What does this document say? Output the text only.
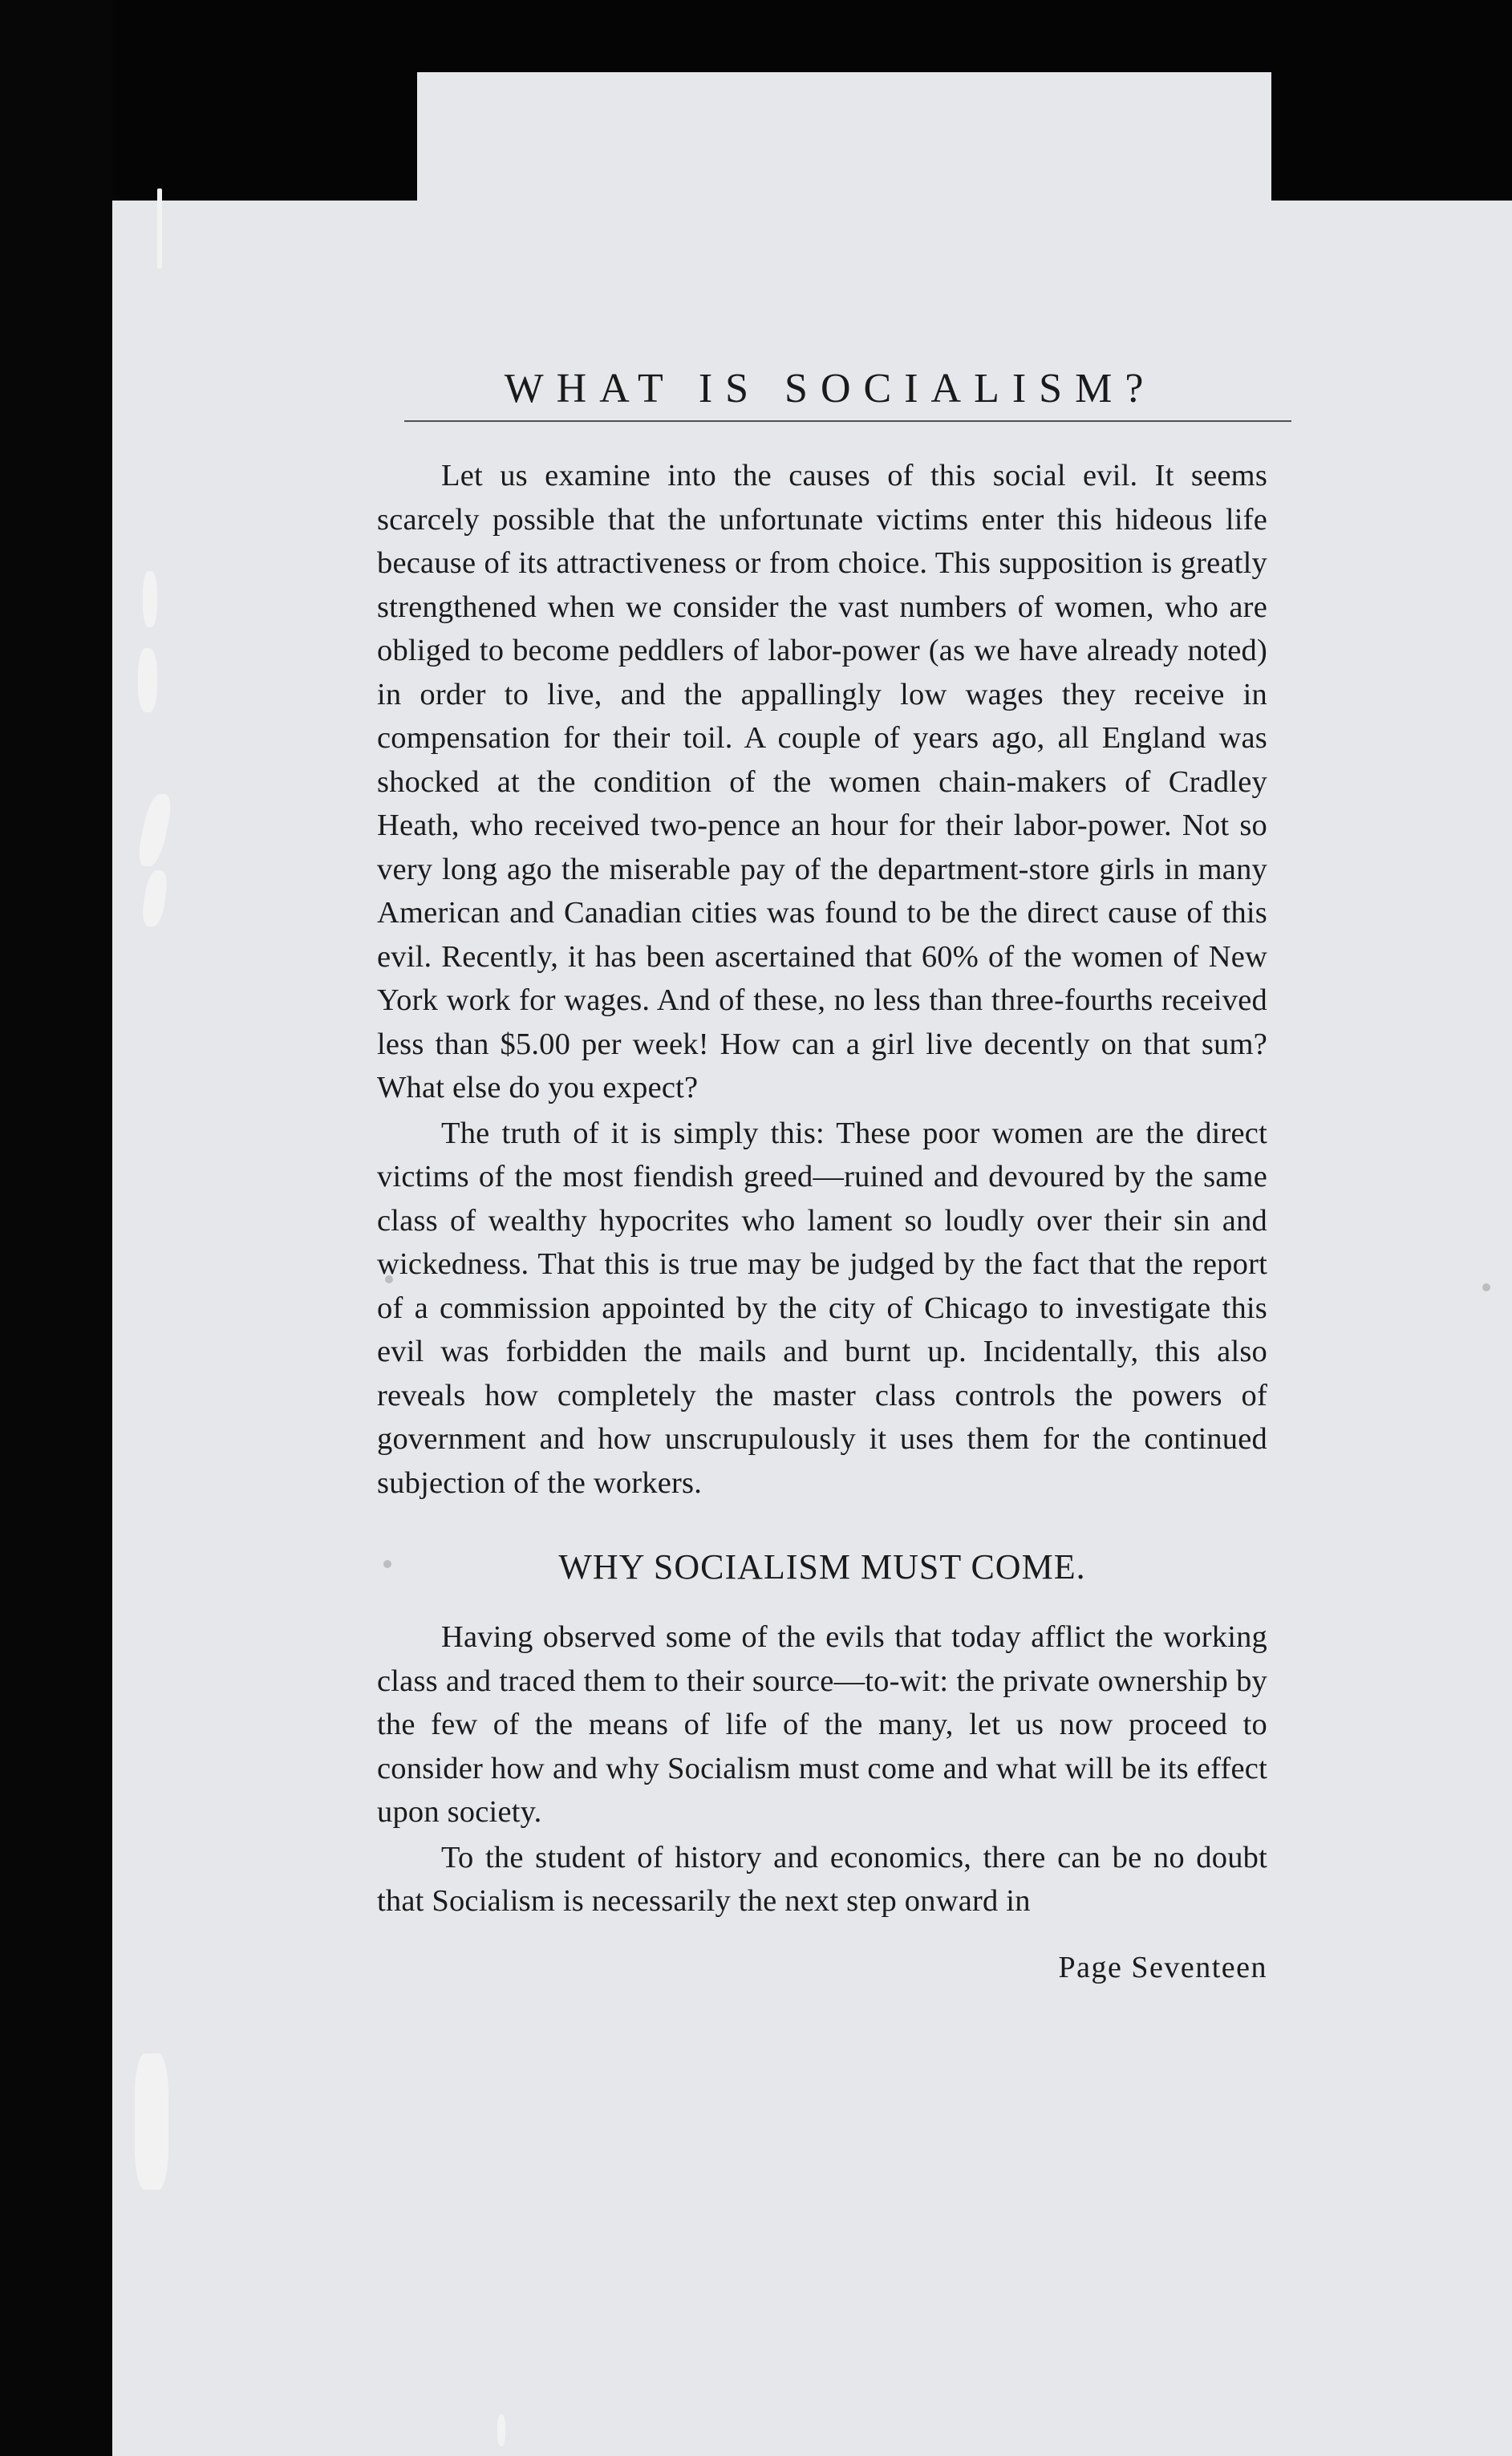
WHAT IS SOCIALISM?

Let us examine into the causes of this social evil. It seems scarcely possible that the unfortunate victims enter this hideous life because of its attractiveness or from choice. This supposition is greatly strengthened when we consider the vast numbers of women, who are obliged to become peddlers of labor-power (as we have already noted) in order to live, and the appallingly low wages they receive in compensation for their toil. A couple of years ago, all England was shocked at the condition of the women chain-makers of Cradley Heath, who received two-pence an hour for their labor-power. Not so very long ago the miserable pay of the department-store girls in many American and Canadian cities was found to be the direct cause of this evil. Recently, it has been ascertained that 60% of the women of New York work for wages. And of these, no less than three-fourths received less than $5.00 per week! How can a girl live decently on that sum? What else do you expect?

The truth of it is simply this: These poor women are the direct victims of the most fiendish greed—ruined and devoured by the same class of wealthy hypocrites who lament so loudly over their sin and wickedness. That this is true may be judged by the fact that the report of a commission appointed by the city of Chicago to investigate this evil was forbidden the mails and burnt up. Incidentally, this also reveals how completely the master class controls the powers of government and how unscrupulously it uses them for the continued subjection of the workers.

WHY SOCIALISM MUST COME.

Having observed some of the evils that today afflict the working class and traced them to their source—to-wit: the private ownership by the few of the means of life of the many, let us now proceed to consider how and why Socialism must come and what will be its effect upon society.

To the student of history and economics, there can be no doubt that Socialism is necessarily the next step onward in

Page Seventeen
